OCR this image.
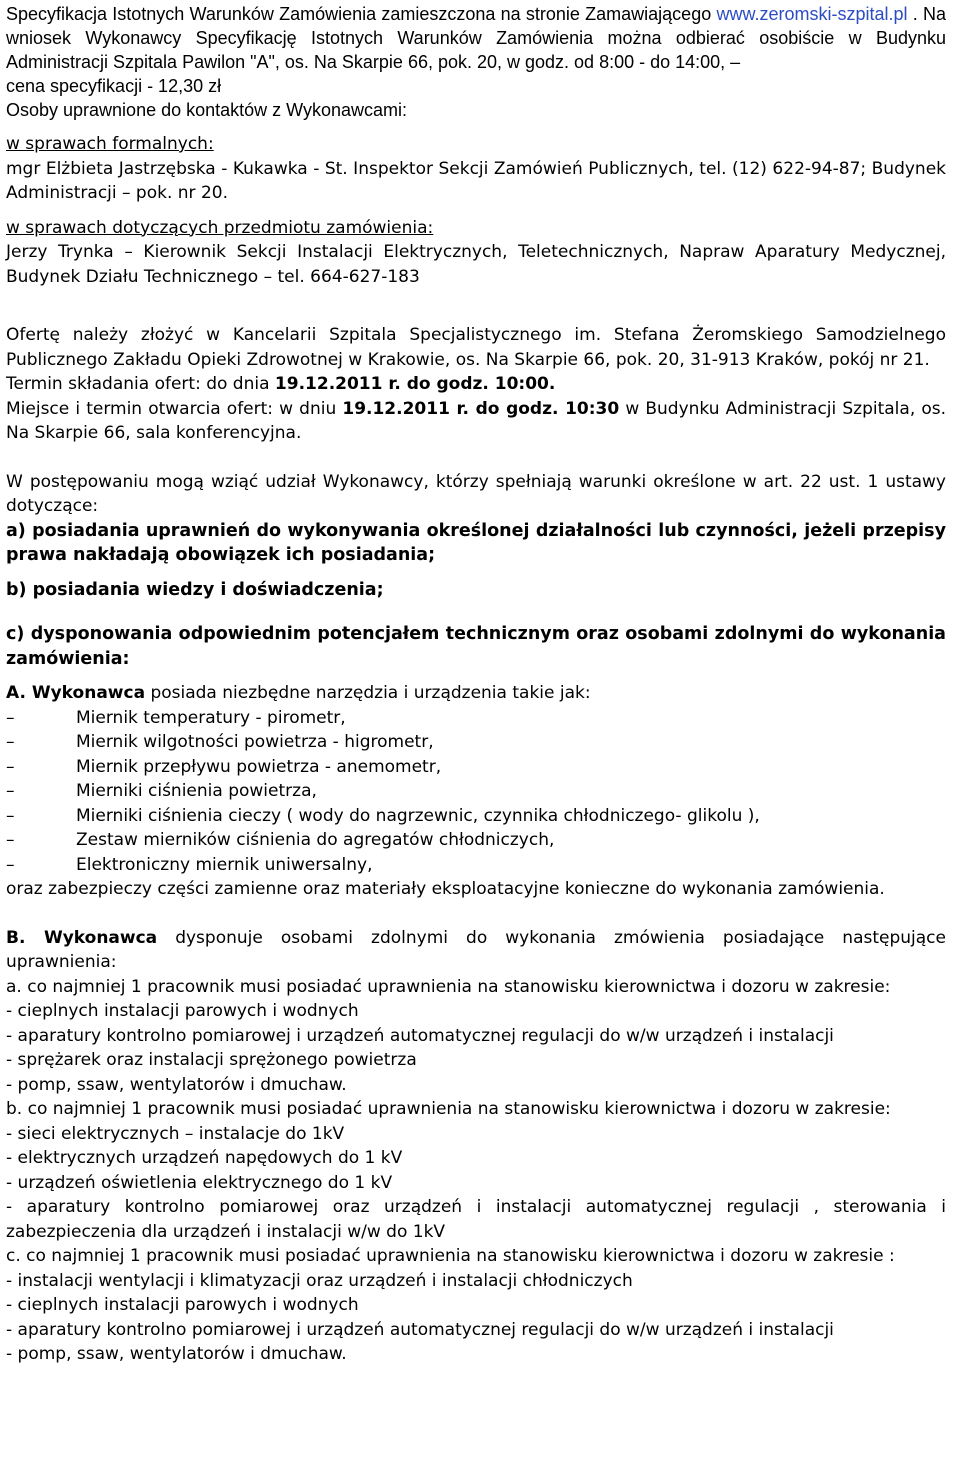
Specyfikacja Istotnych Warunków Zamówienia zamieszczona na stronie Zamawiającego www.zeromski-szpital.pl . Na wniosek Wykonawcy Specyfikację Istotnych Warunków Zamówienia można odbierać osobiście w Budynku Administracji Szpitala Pawilon "A", os. Na Skarpie 66, pok. 20, w godz. od 8:00 - do 14:00, –

cena specyfikacji - 12,30 zł

Osoby uprawnione do kontaktów z Wykonawcami:

w sprawach formalnych:

mgr Elżbieta Jastrzębska - Kukawka - St. Inspektor Sekcji Zamówień Publicznych, tel. (12) 622-94-87; Budynek Administracji – pok. nr 20.

w sprawach dotyczących przedmiotu zamówienia:

Jerzy Trynka – Kierownik Sekcji Instalacji Elektrycznych, Teletechnicznych, Napraw Aparatury Medycznej, Budynek Działu Technicznego – tel. 664-627-183

Ofertę należy złożyć w Kancelarii Szpitala Specjalistycznego im. Stefana Żeromskiego Samodzielnego Publicznego Zakładu Opieki Zdrowotnej w Krakowie, os. Na Skarpie 66, pok. 20, 31-913 Kraków, pokój nr 21.

Termin składania ofert: do dnia 19.12.2011 r. do godz. 10:00.

Miejsce i termin otwarcia ofert: w dniu 19.12.2011 r. do godz. 10:30 w Budynku Administracji Szpitala, os. Na Skarpie 66, sala konferencyjna.

W postępowaniu mogą wziąć udział Wykonawcy, którzy spełniają warunki określone w art. 22 ust. 1 ustawy dotyczące:

a) posiadania uprawnień do wykonywania określonej działalności lub czynności, jeżeli przepisy prawa nakładają obowiązek ich posiadania;

b) posiadania wiedzy i doświadczenia;

c) dysponowania odpowiednim potencjałem technicznym oraz osobami zdolnymi do wykonania zamówienia:

A. Wykonawca posiada niezbędne narzędzia i urządzenia takie jak:

–	Miernik temperatury - pirometr,
–	Miernik wilgotności powietrza - higrometr,
–	Miernik przepływu powietrza - anemometr,
–	Mierniki ciśnienia powietrza,
–	Mierniki ciśnienia cieczy ( wody do nagrzewnic, czynnika chłodniczego- glikolu ),
–	Zestaw mierników ciśnienia do agregatów chłodniczych,
–	Elektroniczny miernik uniwersalny,

oraz zabezpieczy części zamienne oraz materiały eksploatacyjne konieczne do wykonania zamówienia.

B. Wykonawca dysponuje osobami zdolnymi do wykonania zmówienia posiadające następujące uprawnienia:

a. co najmniej 1 pracownik musi posiadać uprawnienia na stanowisku kierownictwa i dozoru w zakresie:

- cieplnych instalacji parowych i wodnych

- aparatury kontrolno pomiarowej i urządzeń automatycznej regulacji do w/w urządzeń i instalacji

- sprężarek oraz instalacji sprężonego powietrza

- pomp, ssaw, wentylatorów i dmuchaw.

b. co najmniej 1 pracownik musi posiadać uprawnienia na stanowisku kierownictwa i dozoru w zakresie:

- sieci elektrycznych – instalacje do 1kV

- elektrycznych urządzeń napędowych do 1 kV

- urządzeń oświetlenia elektrycznego do 1 kV

- aparatury kontrolno pomiarowej oraz urządzeń i instalacji automatycznej regulacji , sterowania i zabezpieczenia dla urządzeń i instalacji w/w do 1kV

c. co najmniej 1 pracownik musi posiadać uprawnienia na stanowisku kierownictwa i dozoru w zakresie :

- instalacji wentylacji i klimatyzacji oraz urządzeń i instalacji chłodniczych

- cieplnych instalacji parowych i wodnych

- aparatury kontrolno pomiarowej i urządzeń automatycznej regulacji do w/w urządzeń i instalacji

- pomp, ssaw, wentylatorów i dmuchaw.
